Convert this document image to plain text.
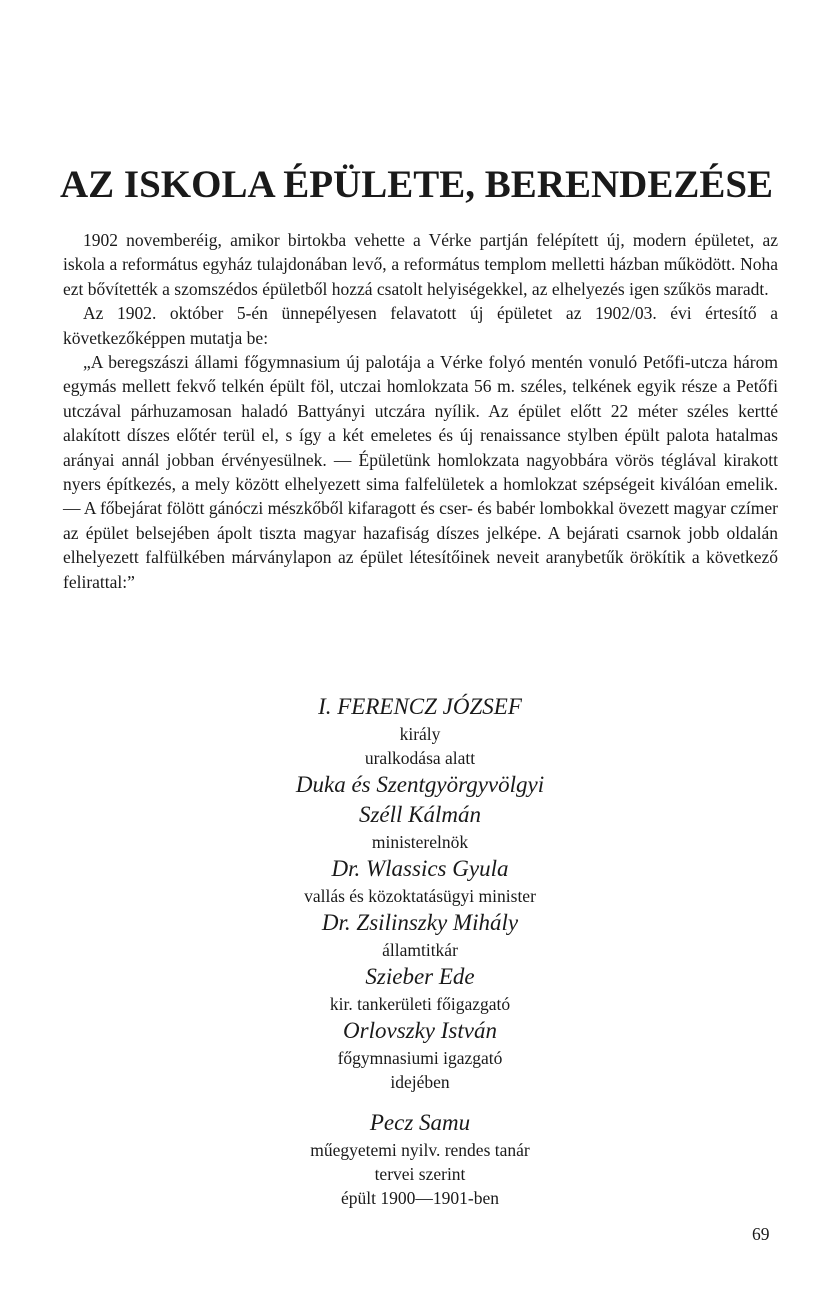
AZ ISKOLA ÉPÜLETE, BERENDEZÉSE

1902 novemberéig, amikor birtokba vehette a Vérke partján felépített új, modern épületet, az iskola a református egyház tulajdonában levő, a református templom melletti házban működött. Noha ezt bővítették a szomszédos épületből hozzá csatolt helyiségekkel, az elhelyezés igen szűkös maradt.

Az 1902. október 5-én ünnepélyesen felavatott új épületet az 1902/03. évi értesítő a következőképpen mutatja be:

„A beregszászi állami főgymnasium új palotája a Vérke folyó mentén vonuló Petőfi-utcza három egymás mellett fekvő telkén épült föl, utczai homlokzata 56 m. széles, telkének egyik része a Petőfi utczával párhuzamosan haladó Battyányi utczára nyílik. Az épület előtt 22 méter széles kertté alakított díszes előtér terül el, s így a két emeletes és új renaissance stylben épült palota hatalmas arányai annál jobban érvényesülnek. — Épületünk homlokzata nagyobbára vörös téglával kirakott nyers építkezés, a mely között elhelyezett sima falfelületek a homlokzat szépségeit kiválóan emelik. — A főbejárat fölött gánóczi mészkőből kifaragott és cser- és babér lombokkal övezett magyar czímer az épület belsejében ápolt tiszta magyar hazafiság díszes jelképe. A bejárati csarnok jobb oldalán elhelyezett falfülkében márványlapon az épület létesítőinek neveit aranybetűk örökítik a következő felirattal:”

I. FERENCZ JÓZSEF
király
uralkodása alatt
Duka és Szentgyörgyvölgyi
Széll Kálmán
ministerelnök
Dr. Wlassics Gyula
vallás és közoktatásügyi minister
Dr. Zsilinszky Mihály
államtitkár
Szieber Ede
kir. tankerületi főigazgató
Orlovszky István
főgymnasiumi igazgató
idejében
Pecz Samu
műegyetemi nyilv. rendes tanár
tervei szerint
épült 1900—1901-ben
69
